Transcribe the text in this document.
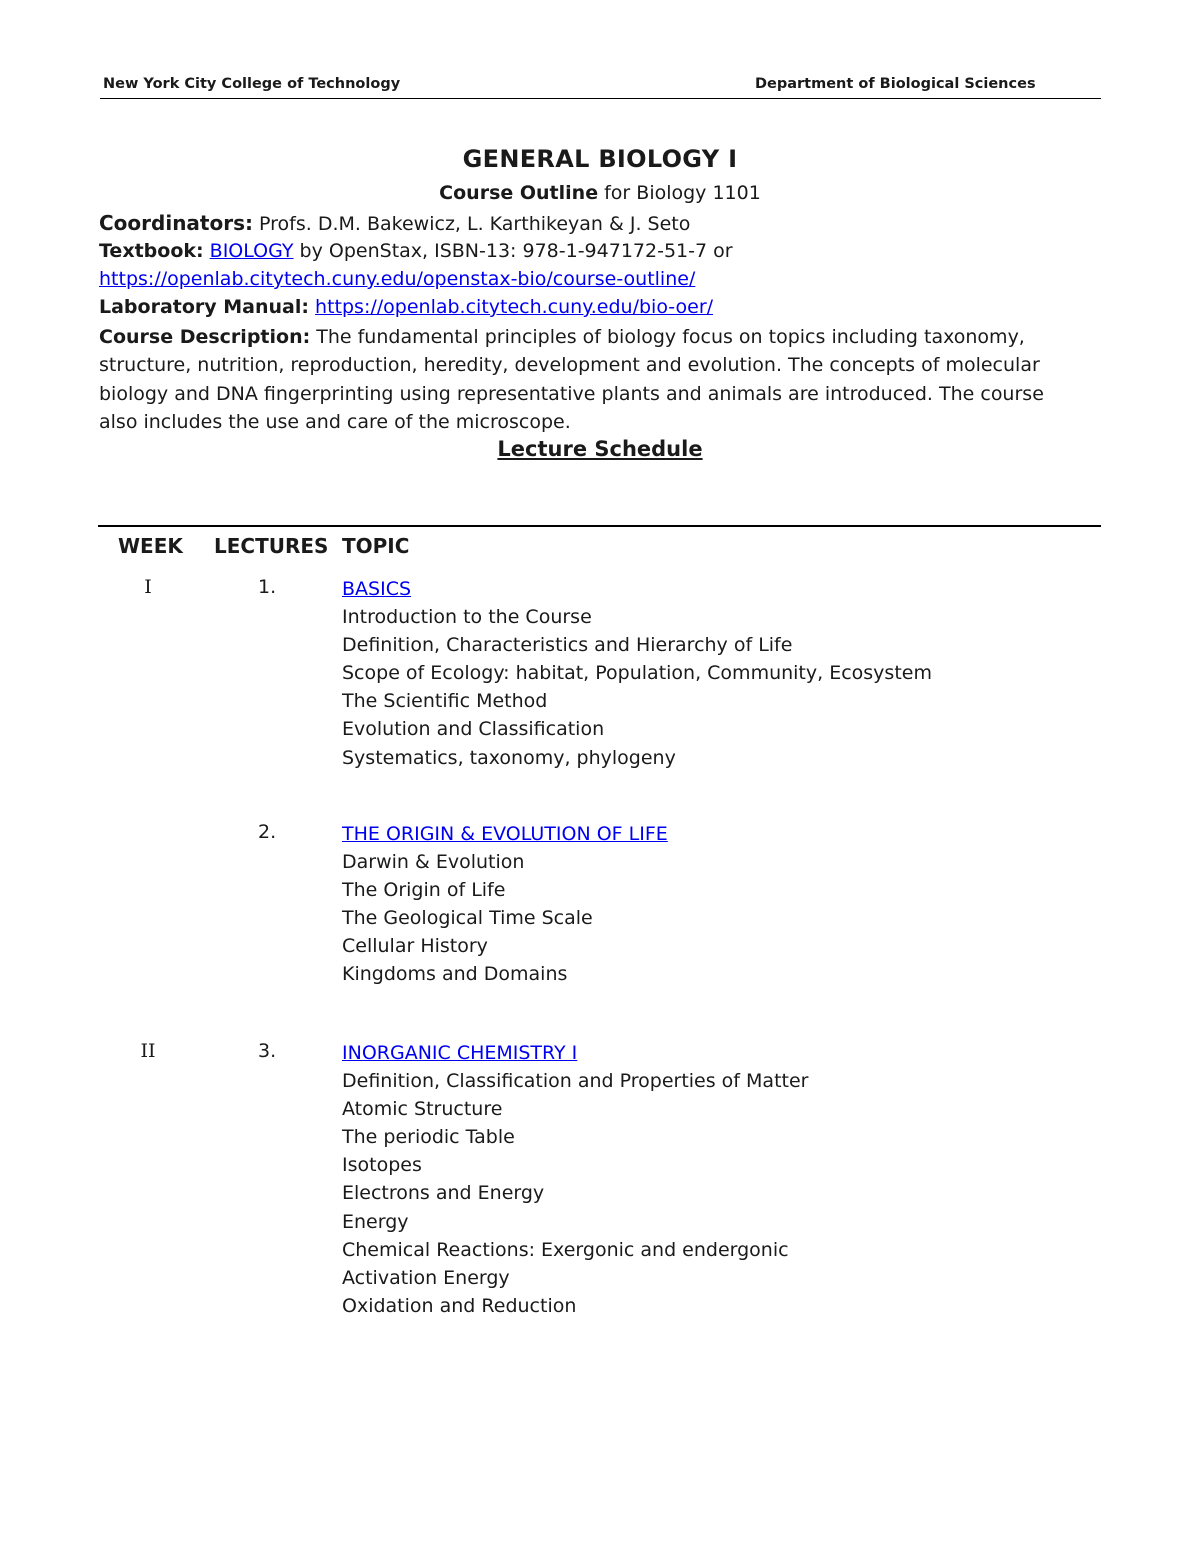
New York City College of Technology	Department of Biological Sciences
GENERAL BIOLOGY I
Course Outline for Biology 1101
Coordinators: Profs. D.M. Bakewicz, L. Karthikeyan & J. Seto
Textbook: BIOLOGY by OpenStax, ISBN-13: 978-1-947172-51-7 or
https://openlab.citytech.cuny.edu/openstax-bio/course-outline/
Laboratory Manual: https://openlab.citytech.cuny.edu/bio-oer/
Course Description: The fundamental principles of biology focus on topics including taxonomy, structure, nutrition, reproduction, heredity, development and evolution. The concepts of molecular biology and DNA fingerprinting using representative plants and animals are introduced. The course also includes the use and care of the microscope.
Lecture Schedule
WEEK LECTURES TOPIC
I	1.	BASICS
Introduction to the Course
Definition, Characteristics and Hierarchy of Life
Scope of Ecology: habitat, Population, Community, Ecosystem
The Scientific Method
Evolution and Classification
Systematics, taxonomy, phylogeny
2.	THE ORIGIN & EVOLUTION OF LIFE
Darwin & Evolution
The Origin of Life
The Geological Time Scale
Cellular History
Kingdoms and Domains
II	3.	INORGANIC CHEMISTRY I
Definition, Classification and Properties of Matter
Atomic Structure
The periodic Table
Isotopes
Electrons and Energy
Energy
Chemical Reactions: Exergonic and endergonic
Activation Energy
Oxidation and Reduction
